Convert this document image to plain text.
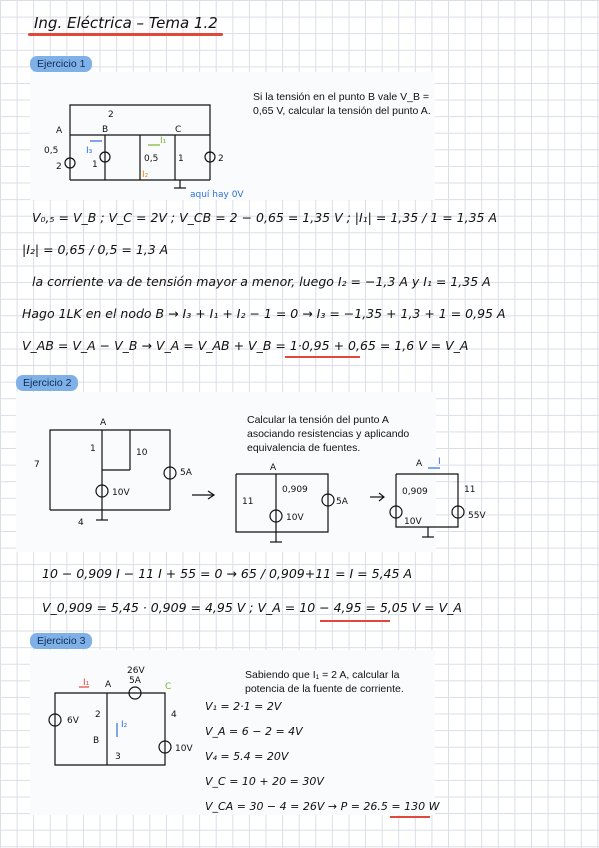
Ing. Eléctrica – Tema 1.2
Ejercicio 1
Si la tensión en el punto B vale V_B = 0,65 V, calcular la tensión del punto A.
2
A	B	C
0,5
2	1
0,5 1	2
I₃
I₁
I₂
aquí hay 0V
V₀,₅ = V_B ; V_C = 2V ; V_CB = 2 − 0,65 = 1,35 V ; |I₁| = 1,35 / 1 = 1,35 A
|I₂| = 0,65 / 0,5 = 1,3 A
la corriente va de tensión mayor a menor, luego I₂ = −1,3 A y I₁ = 1,35 A
Hago 1LK en el nodo B → I₃ + I₁ + I₂ − 1 = 0 → I₃ = −1,35 + 1,3 + 1 = 0,95 A
V_AB = V_A − V_B → V_A = V_AB + V_B = 1·0,95 + 0,65 = 1,6 V = V_A
Ejercicio 2
Calcular la tensión del punto A asociando resistencias y aplicando equivalencia de fuentes.
A
7
1	10
5A
10V
4
A
11
0,909
5A
10V
A I
0,909	11
10V
55V
10 − 0,909 I − 11 I + 55 = 0 → 65 / 0,909+11 = I = 5,45 A
V_0,909 = 5,45 · 0,909 = 4,95 V ; V_A = 10 − 4,95 = 5,05 V = V_A
Ejercicio 3
Sabiendo que I₁ = 2 A, calcular la potencia de la fuente de corriente.
26V
5A
A
B
C
I₁
I₂
6V
2	4
3
10V
V₁ = 2·1 = 2V
V_A = 6 − 2 = 4V
V₄ = 5.4 = 20V
V_C = 10 + 20 = 30V
V_CA = 30 − 4 = 26V → P = 26.5 = 130 W
